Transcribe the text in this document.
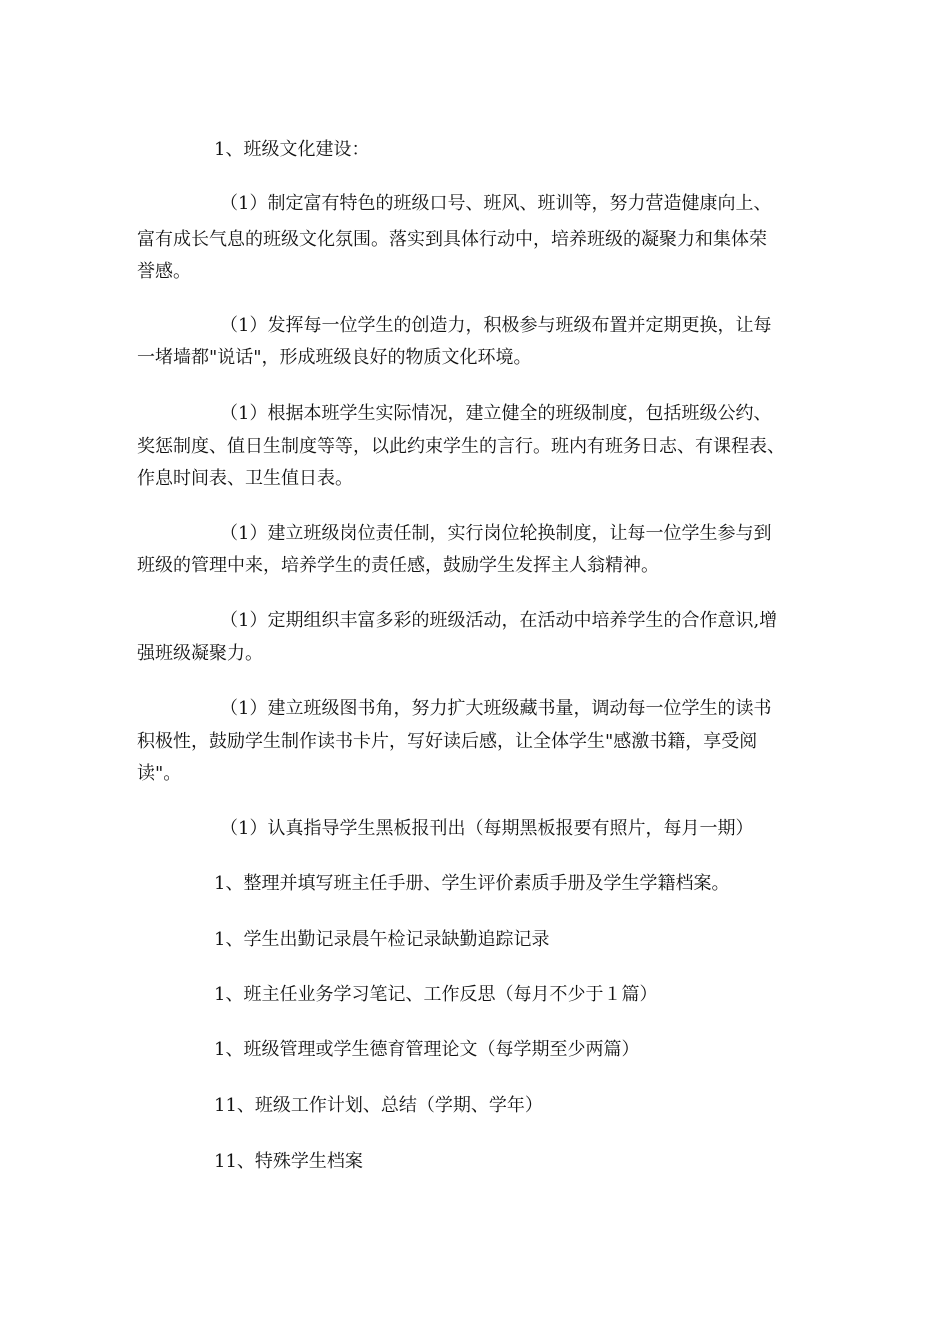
1、班级文化建设：
（1）制定富有特色的班级口号、班风、班训等，努力营造健康向上、
富有成长气息的班级文化氛围。落实到具体行动中，培养班级的凝聚力和集体荣
誉感。
（1）发挥每一位学生的创造力，积极参与班级布置并定期更换，让每
一堵墙都"说话"，形成班级良好的物质文化环境。
（1）根据本班学生实际情况，建立健全的班级制度，包括班级公约、
奖惩制度、值日生制度等等，以此约束学生的言行。班内有班务日志、有课程表、
作息时间表、卫生值日表。
（1）建立班级岗位责任制，实行岗位轮换制度，让每一位学生参与到
班级的管理中来，培养学生的责任感，鼓励学生发挥主人翁精神。
（1）定期组织丰富多彩的班级活动，在活动中培养学生的合作意识,增
强班级凝聚力。
（1）建立班级图书角，努力扩大班级藏书量，调动每一位学生的读书
积极性，鼓励学生制作读书卡片，写好读后感，让全体学生"感激书籍，享受阅
读"。
（1）认真指导学生黑板报刊出（每期黑板报要有照片，每月一期）
1、整理并填写班主任手册、学生评价素质手册及学生学籍档案。
1、学生出勤记录晨午检记录缺勤追踪记录
1、班主任业务学习笔记、工作反思（每月不少于１篇）
1、班级管理或学生德育管理论文（每学期至少两篇）
11、班级工作计划、总结（学期、学年）
11、特殊学生档案
